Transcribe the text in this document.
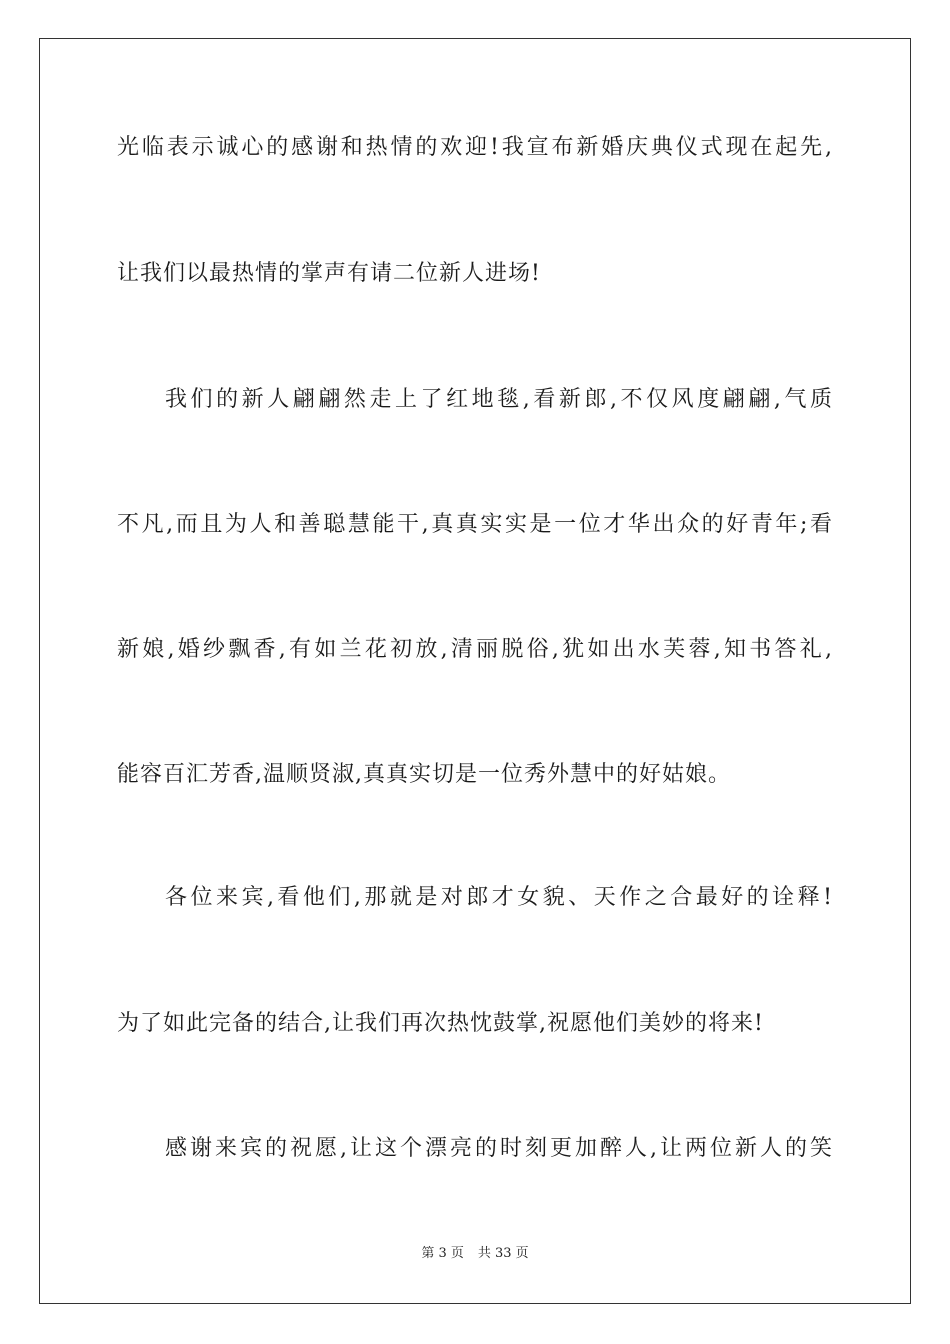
光临表示诚心的感谢和热情的欢迎!我宣布新婚庆典仪式现在起先,
让我们以最热情的掌声有请二位新人进场!
我们的新人翩翩然走上了红地毯,看新郎,不仅风度翩翩,气质
不凡,而且为人和善聪慧能干,真真实实是一位才华出众的好青年;看
新娘,婚纱飘香,有如兰花初放,清丽脱俗,犹如出水芙蓉,知书答礼,
能容百汇芳香,温顺贤淑,真真实切是一位秀外慧中的好姑娘。
各位来宾,看他们,那就是对郎才女貌、天作之合最好的诠释!
为了如此完备的结合,让我们再次热忱鼓掌,祝愿他们美妙的将来!
感谢来宾的祝愿,让这个漂亮的时刻更加醉人,让两位新人的笑
第 3 页 共 33 页
